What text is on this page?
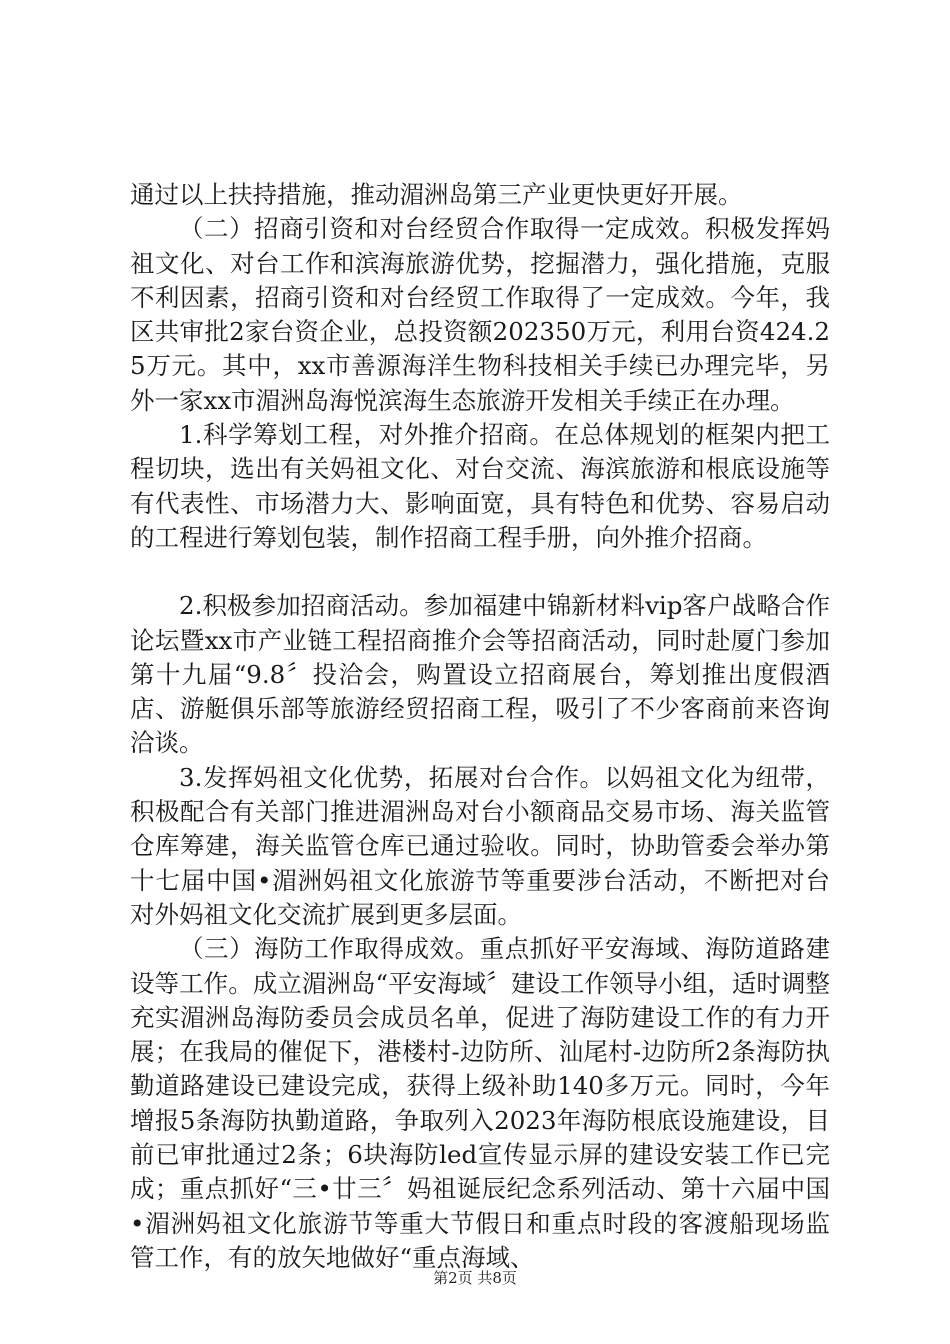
通过以上扶持措施，推动湄洲岛第三产业更快更好开展。

（二）招商引资和对台经贸合作取得一定成效。积极发挥妈祖文化、对台工作和滨海旅游优势，挖掘潜力，强化措施，克服不利因素，招商引资和对台经贸工作取得了一定成效。今年，我区共审批2家台资企业，总投资额202350万元，利用台资424.25万元。其中，xx市善源海洋生物科技相关手续已办理完毕，另外一家xx市湄洲岛海悦滨海生态旅游开发相关手续正在办理。

1.科学筹划工程，对外推介招商。在总体规划的框架内把工程切块，选出有关妈祖文化、对台交流、海滨旅游和根底设施等有代表性、市场潜力大、影响面宽，具有特色和优势、容易启动的工程进行筹划包装，制作招商工程手册，向外推介招商。

2.积极参加招商活动。参加福建中锦新材料vip客户战略合作论坛暨xx市产业链工程招商推介会等招商活动，同时赴厦门参加第十九届“9.8〞投洽会，购置设立招商展台，筹划推出度假酒店、游艇俱乐部等旅游经贸招商工程，吸引了不少客商前来咨询洽谈。

3.发挥妈祖文化优势，拓展对台合作。以妈祖文化为纽带，积极配合有关部门推进湄洲岛对台小额商品交易市场、海关监管仓库筹建，海关监管仓库已通过验收。同时，协助管委会举办第十七届中国•湄洲妈祖文化旅游节等重要涉台活动，不断把对台对外妈祖文化交流扩展到更多层面。

（三）海防工作取得成效。重点抓好平安海域、海防道路建设等工作。成立湄洲岛“平安海域〞建设工作领导小组，适时调整充实湄洲岛海防委员会成员名单，促进了海防建设工作的有力开展；在我局的催促下，港楼村-边防所、汕尾村-边防所2条海防执勤道路建设已建设完成，获得上级补助140多万元。同时，今年增报5条海防执勤道路，争取列入2023年海防根底设施建设，目前已审批通过2条；6块海防led宣传显示屏的建设安装工作已完成；重点抓好“三•廿三〞妈祖诞辰纪念系列活动、第十六届中国•湄洲妈祖文化旅游节等重大节假日和重点时段的客渡船现场监管工作，有的放矢地做好“重点海域、

第2页 共8页
